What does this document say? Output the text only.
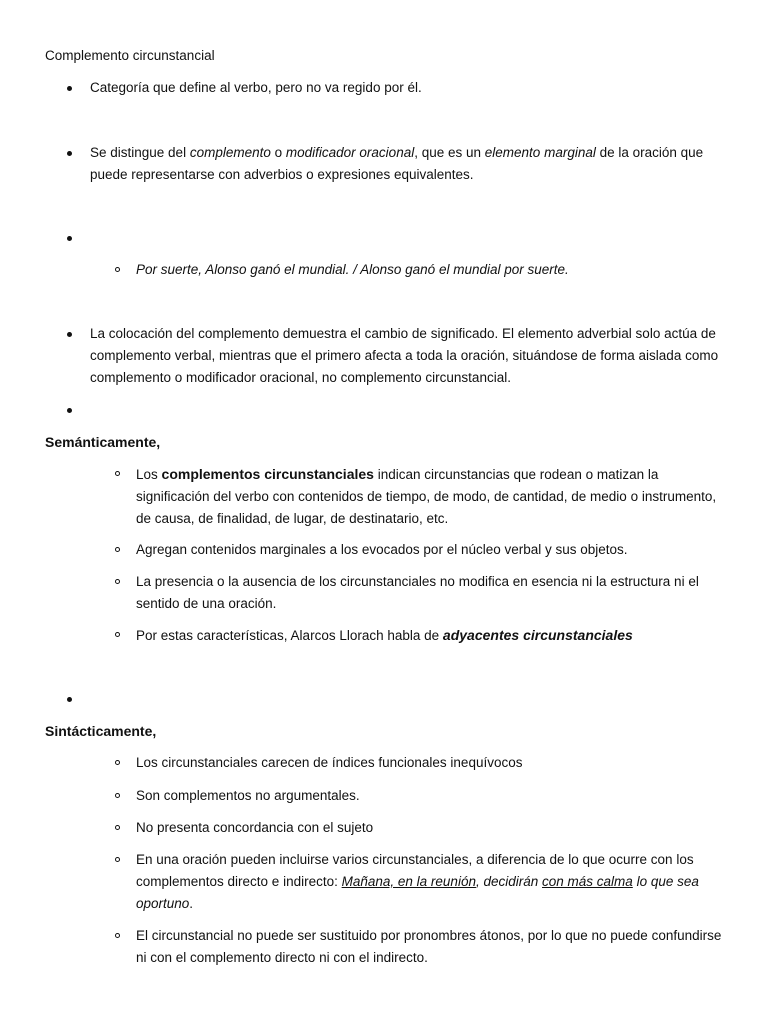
Complemento circunstancial
Categoría que define al verbo, pero no va regido por él.
Se distingue del complemento o modificador oracional, que es un elemento marginal de la oración que puede representarse con adverbios o expresiones equivalentes.
Por suerte, Alonso ganó el mundial. / Alonso ganó el mundial por suerte.
La colocación del complemento demuestra el cambio de significado. El elemento adverbial solo actúa de complemento verbal, mientras que el primero afecta a toda la oración, situándose de forma aislada como complemento o modificador oracional, no complemento circunstancial.
Semánticamente,
Los complementos circunstanciales indican circunstancias que rodean o matizan la significación del verbo con contenidos de tiempo, de modo, de cantidad, de medio o instrumento, de causa, de finalidad, de lugar, de destinatario, etc.
Agregan contenidos marginales a los evocados por el núcleo verbal y sus objetos.
La presencia o la ausencia de los circunstanciales no modifica en esencia ni la estructura ni el sentido de una oración.
Por estas características, Alarcos Llorach habla de adyacentes circunstanciales
Sintácticamente,
Los circunstanciales carecen de índices funcionales inequívocos
Son complementos no argumentales.
No presenta concordancia con el sujeto
En una oración pueden incluirse varios circunstanciales, a diferencia de lo que ocurre con los complementos directo e indirecto: Mañana, en la reunión, decidirán con más calma lo que sea oportuno.
El circunstancial no puede ser sustituido por pronombres átonos, por lo que no puede confundirse ni con el complemento directo ni con el indirecto.
